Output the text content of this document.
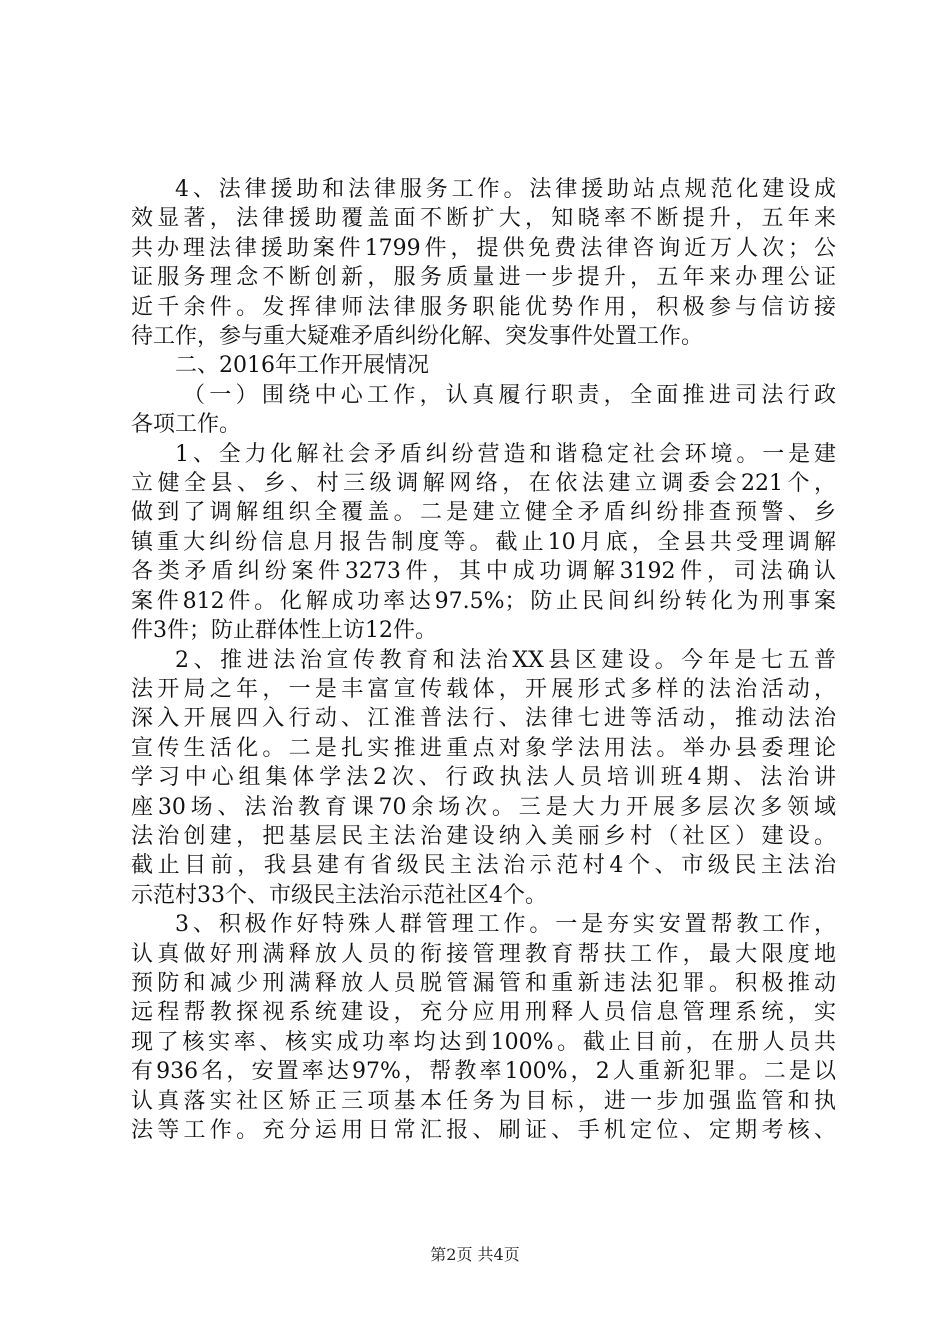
4、法律援助和法律服务工作。法律援助站点规范化建设成
效显著，法律援助覆盖面不断扩大，知晓率不断提升，五年来
共办理法律援助案件1799件，提供免费法律咨询近万人次；公
证服务理念不断创新，服务质量进一步提升，五年来办理公证
近千余件。发挥律师法律服务职能优势作用，积极参与信访接
待工作，参与重大疑难矛盾纠纷化解、突发事件处置工作。
二、2016年工作开展情况
（一）围绕中心工作，认真履行职责，全面推进司法行政
各项工作。
1、全力化解社会矛盾纠纷营造和谐稳定社会环境。一是建
立健全县、乡、村三级调解网络，在依法建立调委会221个，
做到了调解组织全覆盖。二是建立健全矛盾纠纷排查预警、乡
镇重大纠纷信息月报告制度等。截止10月底，全县共受理调解
各类矛盾纠纷案件3273件，其中成功调解3192件，司法确认
案件812件。化解成功率达97.5%；防止民间纠纷转化为刑事案
件3件；防止群体性上访12件。
2、推进法治宣传教育和法治XX县区建设。今年是七五普
法开局之年，一是丰富宣传载体，开展形式多样的法治活动，
深入开展四入行动、江淮普法行、法律七进等活动，推动法治
宣传生活化。二是扎实推进重点对象学法用法。举办县委理论
学习中心组集体学法2次、行政执法人员培训班4期、法治讲
座30场、法治教育课70余场次。三是大力开展多层次多领域
法治创建，把基层民主法治建设纳入美丽乡村（社区）建设。
截止目前，我县建有省级民主法治示范村4个、市级民主法治
示范村33个、市级民主法治示范社区4个。
3、积极作好特殊人群管理工作。一是夯实安置帮教工作，
认真做好刑满释放人员的衔接管理教育帮扶工作，最大限度地
预防和减少刑满释放人员脱管漏管和重新违法犯罪。积极推动
远程帮教探视系统建设，充分应用刑释人员信息管理系统，实
现了核实率、核实成功率均达到100%。截止目前，在册人员共
有936名，安置率达97%，帮教率100%，2人重新犯罪。二是以
认真落实社区矫正三项基本任务为目标，进一步加强监管和执
法等工作。充分运用日常汇报、刷证、手机定位、定期考核、
第2页 共4页
